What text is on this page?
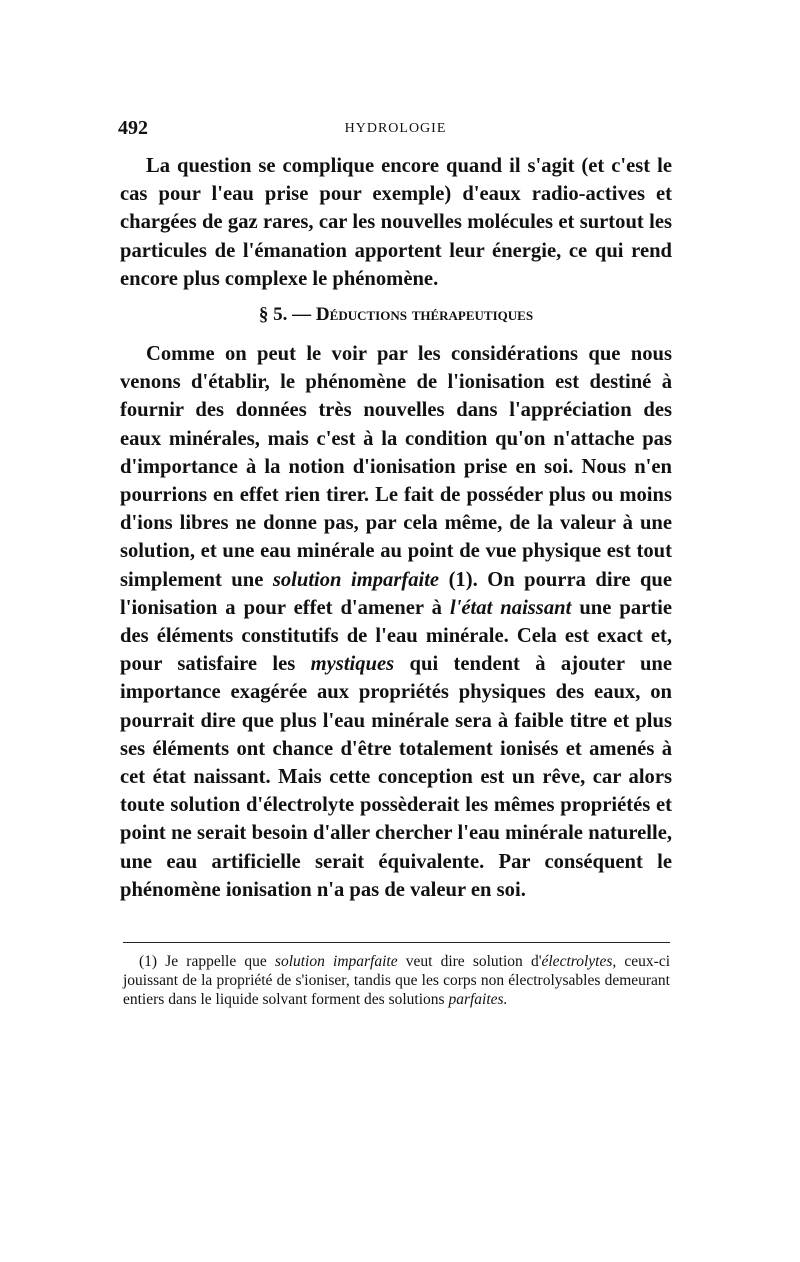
492	HYDROLOGIE

La question se complique encore quand il s'agit (et c'est le cas pour l'eau prise pour exemple) d'eaux radio-actives et chargées de gaz rares, car les nouvelles molécules et surtout les particules de l'émanation apportent leur énergie, ce qui rend encore plus complexe le phénomène.

§ 5. — Déductions thérapeutiques

Comme on peut le voir par les considérations que nous venons d'établir, le phénomène de l'ionisation est destiné à fournir des données très nouvelles dans l'appréciation des eaux minérales, mais c'est à la condition qu'on n'attache pas d'importance à la notion d'ionisation prise en soi. Nous n'en pourrions en effet rien tirer. Le fait de posséder plus ou moins d'ions libres ne donne pas, par cela même, de la valeur à une solution, et une eau minérale au point de vue physique est tout simplement une solution imparfaite (1). On pourra dire que l'ionisation a pour effet d'amener à l'état naissant une partie des éléments constitutifs de l'eau minérale. Cela est exact et, pour satisfaire les mystiques qui tendent à ajouter une importance exagérée aux propriétés physiques des eaux, on pourrait dire que plus l'eau minérale sera à faible titre et plus ses éléments ont chance d'être totalement ionisés et amenés à cet état naissant. Mais cette conception est un rêve, car alors toute solution d'électrolyte possèderait les mêmes propriétés et point ne serait besoin d'aller chercher l'eau minérale naturelle, une eau artificielle serait équivalente. Par conséquent le phénomène ionisation n'a pas de valeur en soi.

(1) Je rappelle que solution imparfaite veut dire solution d'électrolytes, ceux-ci jouissant de la propriété de s'ioniser, tandis que les corps non électrolysables demeurant entiers dans le liquide solvant forment des solutions parfaites.
